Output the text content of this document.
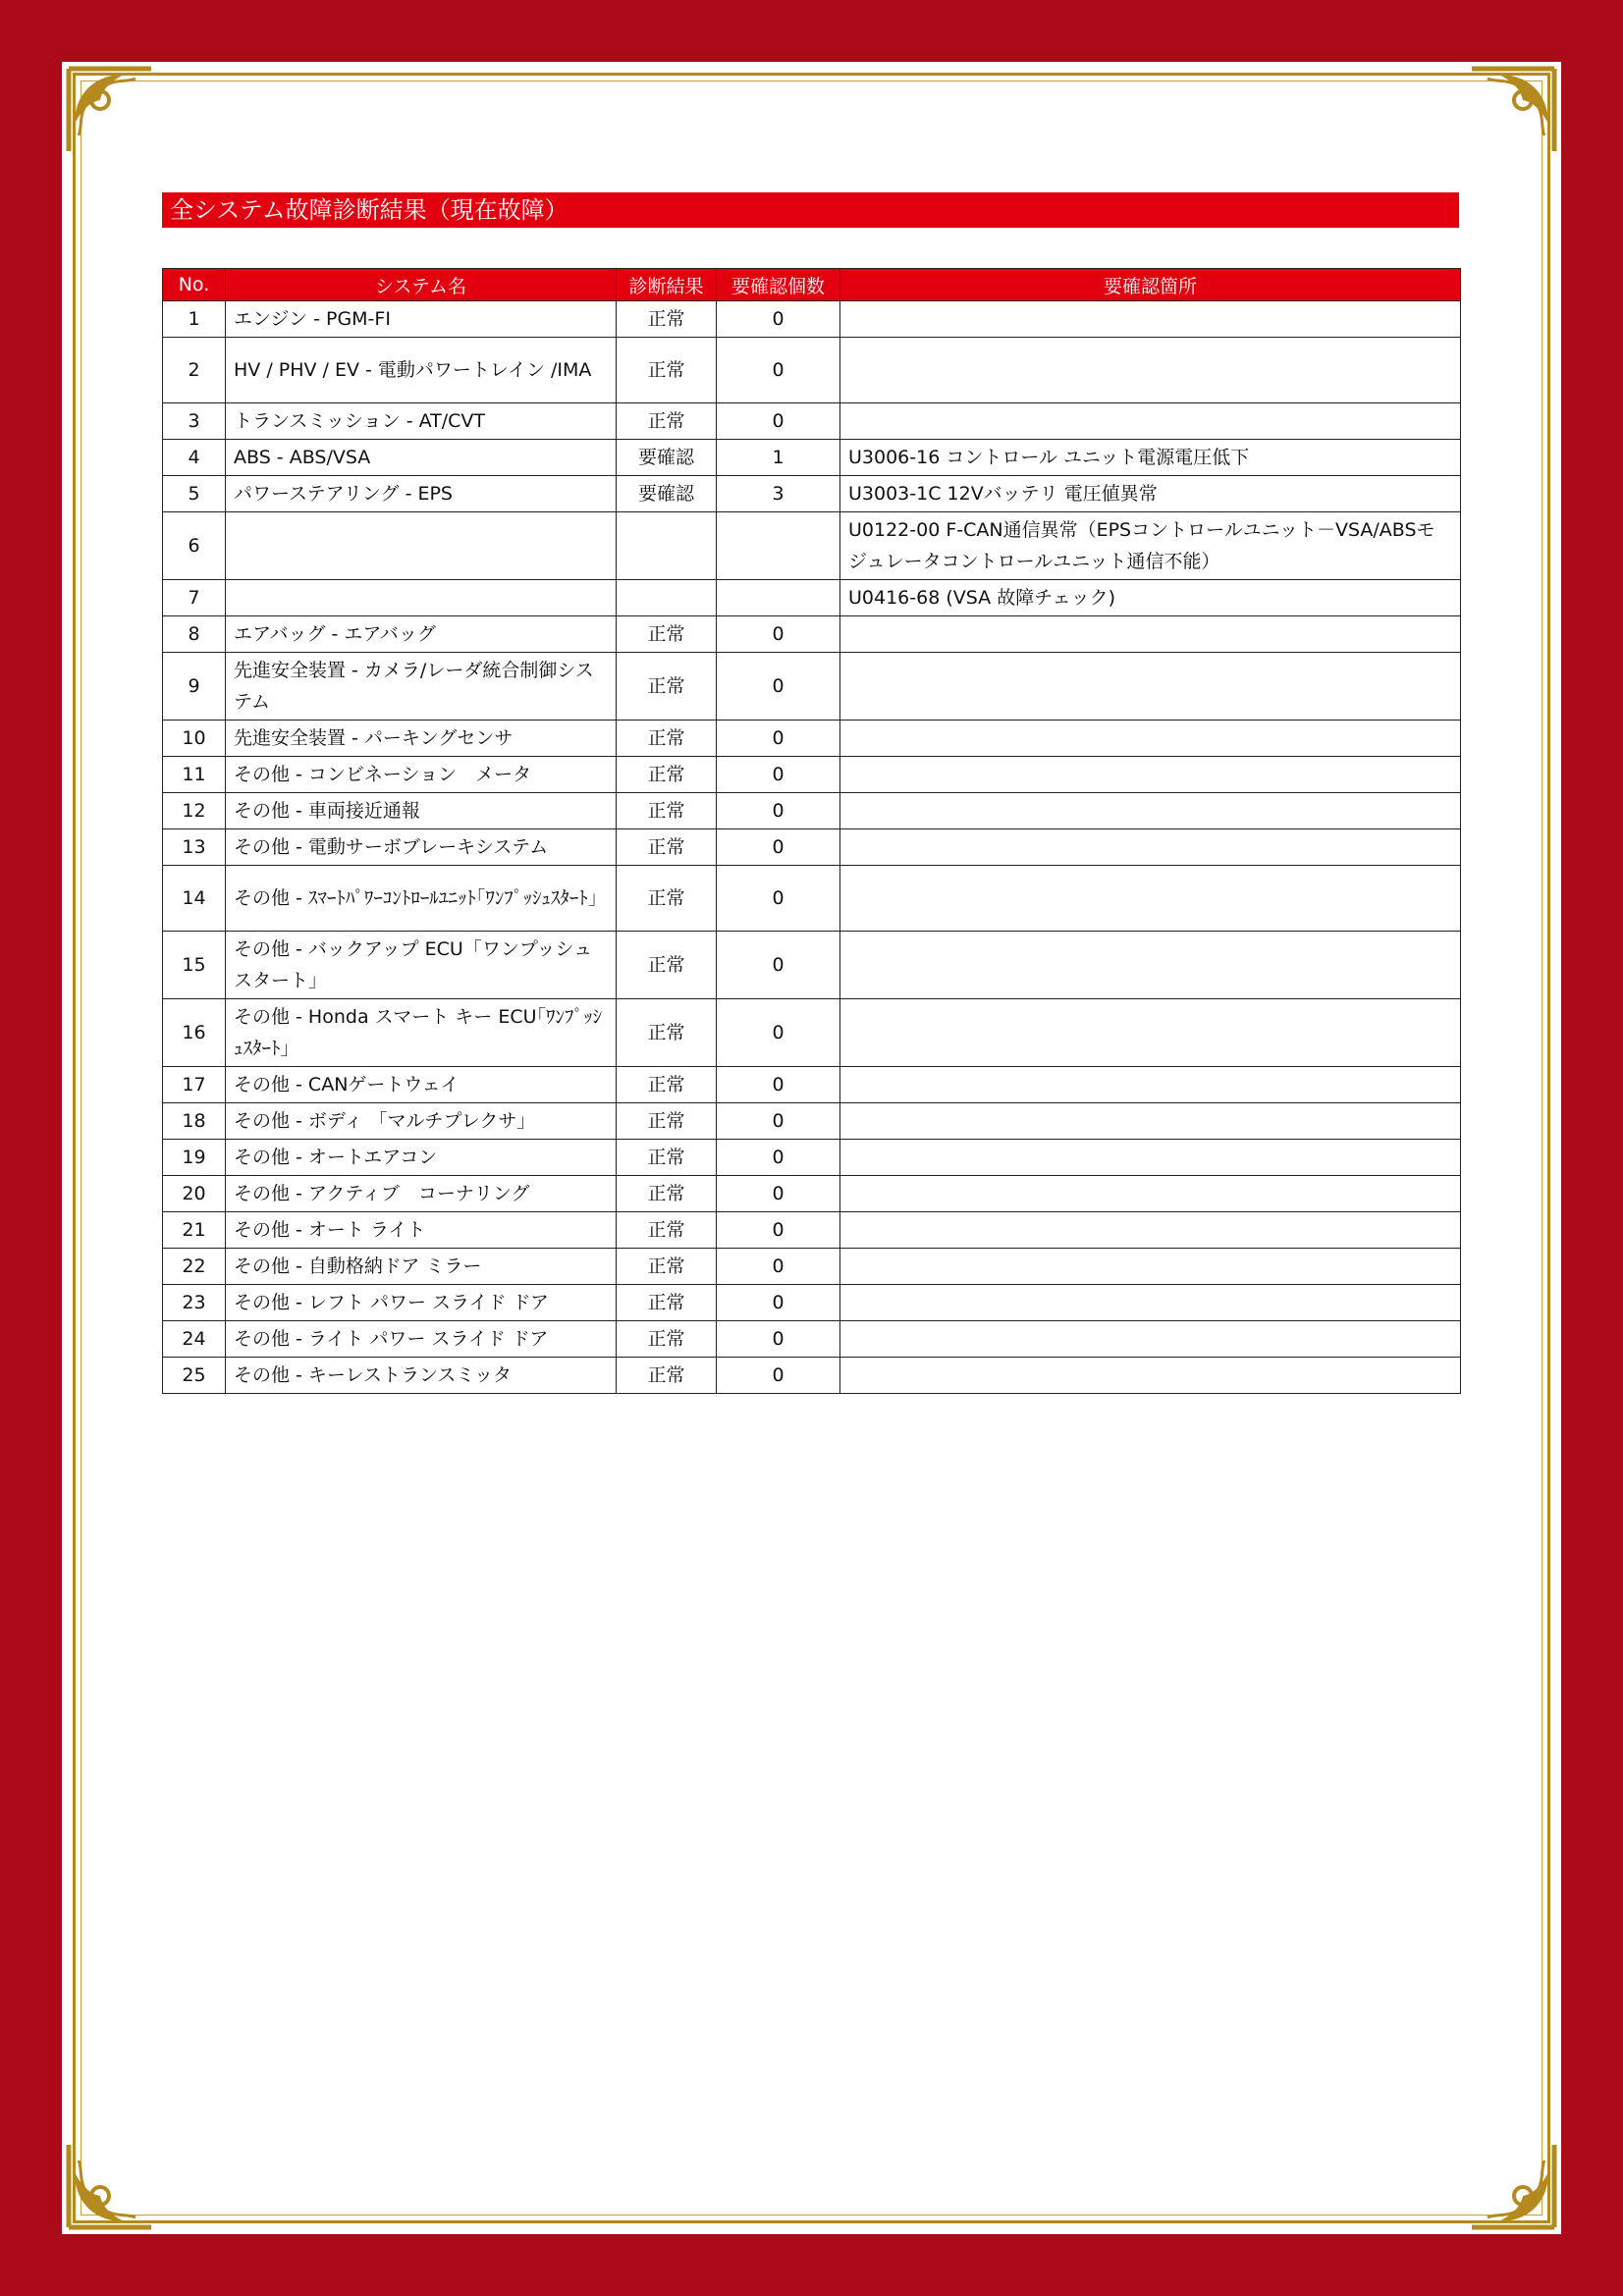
全システム故障診断結果（現在故障）
No.	システム名	診断結果	要確認個数	要確認箇所
1	エンジン - PGM-FI	正常	0	
2	HV / PHV / EV - 電動パワートレイン /IMA	正常	0	
3	トランスミッション - AT/CVT	正常	0	
4	ABS - ABS/VSA	要確認	1	U3006-16 コントロール ユニット電源電圧低下
5	パワーステアリング - EPS	要確認	3	U3003-1C 12Vバッテリ 電圧値異常
6				U0122-00 F-CAN通信異常（EPSコントロールユニット－VSA/ABSモジュレータコントロールユニット通信不能）
7				U0416-68 (VSA 故障チェック)
8	エアバッグ - エアバッグ	正常	0	
9	先進安全装置 - カメラ/レーダ統合制御システム	正常	0	
10	先進安全装置 - パーキングセンサ	正常	0	
11	その他 - コンビネーション　メータ	正常	0	
12	その他 - 車両接近通報	正常	0	
13	その他 - 電動サーボブレーキシステム	正常	0	
14	その他 - ｽﾏｰﾄﾊﾟﾜｰｺﾝﾄﾛｰﾙﾕﾆｯﾄ｢ﾜﾝﾌﾟｯｼｭｽﾀｰﾄ｣	正常	0	
15	その他 - バックアップ ECU「ワンプッシュスタート」	正常	0	
16	その他 - Honda スマート キー ECU｢ﾜﾝﾌﾟｯｼｭｽﾀｰﾄ｣	正常	0	
17	その他 - CANゲートウェイ	正常	0	
18	その他 - ボディ 「マルチプレクサ」	正常	0	
19	その他 - オートエアコン	正常	0	
20	その他 - アクティブ　コーナリング	正常	0	
21	その他 - オート ライト	正常	0	
22	その他 - 自動格納ドア ミラー	正常	0	
23	その他 - レフト パワー スライド ドア	正常	0	
24	その他 - ライト パワー スライド ドア	正常	0	
25	その他 - キーレストランスミッタ	正常	0	
